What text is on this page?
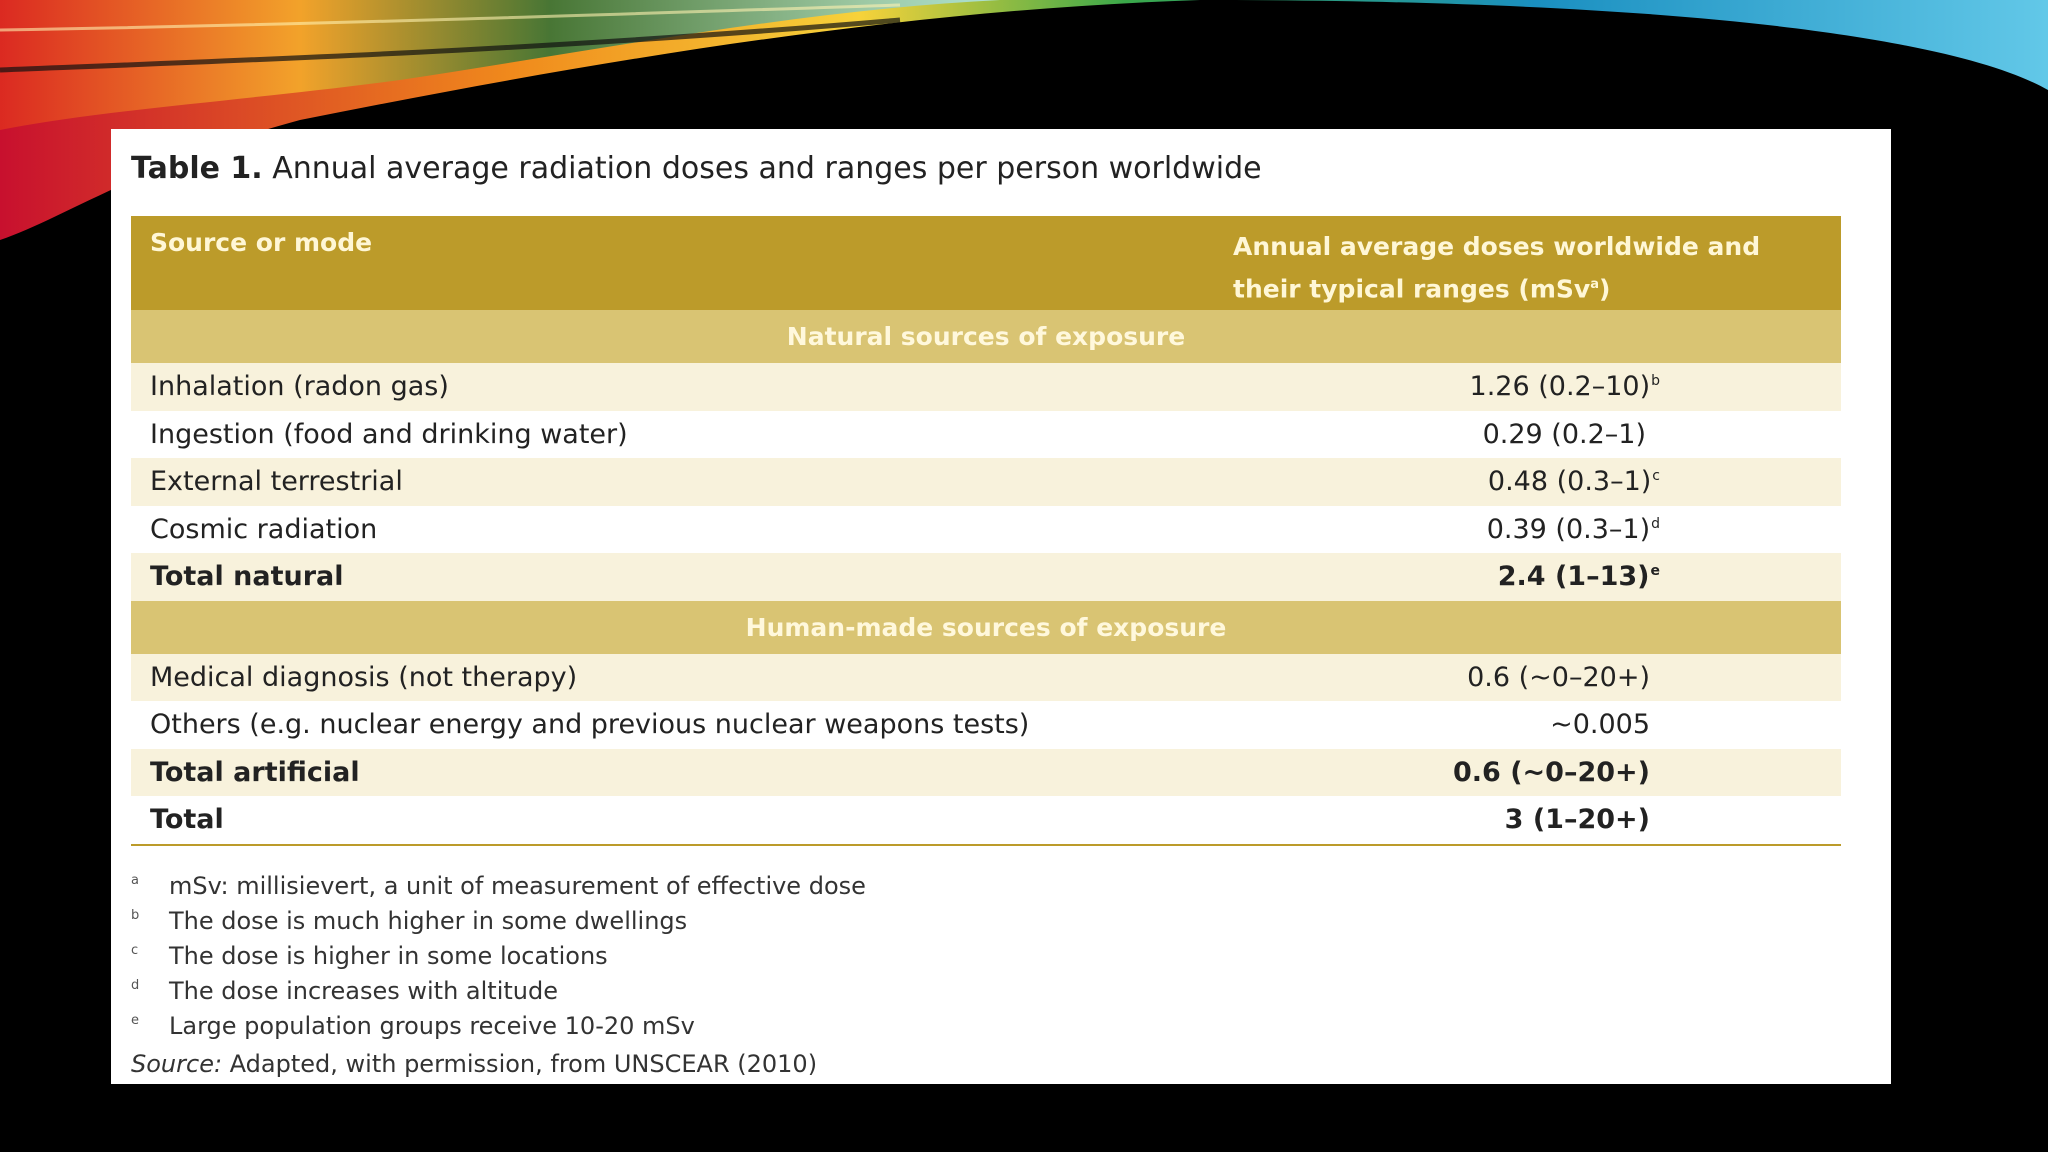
Table 1. Annual average radiation doses and ranges per person worldwide
Source or mode	Annual average doses worldwide and their typical ranges (mSv$^a$)
Natural sources of exposure
Inhalation (radon gas)	1.26 $(0.2-10)^b$
Ingestion (food and drinking water)	0.29 (0.2–1)
External terrestrial	0.48 $(0.3-1)^c$
Cosmic radiation	0.39 $(0.3-1)^d$
Total natural	2.4 $(1-13)^e$
Human-made sources of exposure
Medical diagnosis (not therapy)	0.6 (~0–20+)
Others (e.g. nuclear energy and previous nuclear weapons tests)	~0.005
Total artificial	0.6 (~0–20+)
Total	3 (1–20+)
a mSv: millisievert, a unit of measurement of effective dose
b The dose is much higher in some dwellings
c The dose is higher in some locations
d The dose increases with altitude
e Large population groups receive 10-20 mSv
Source: Adapted, with permission, from UNSCEAR (2010)
